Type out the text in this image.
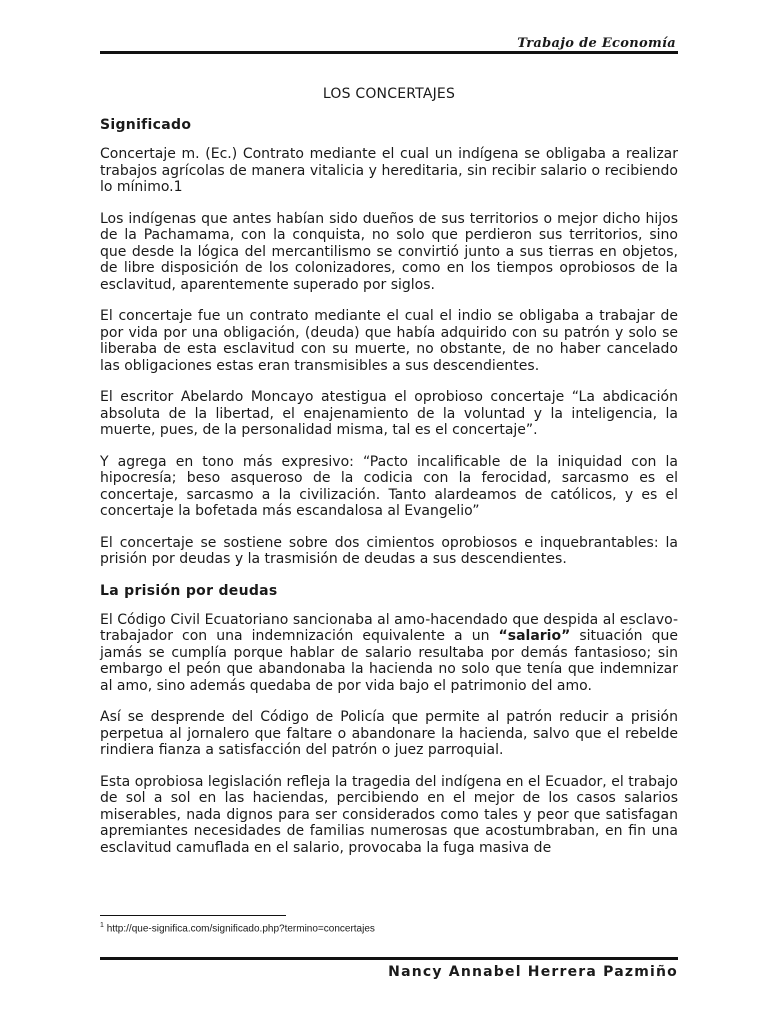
Trabajo de Economía
LOS CONCERTAJES
Significado

Concertaje m. (Ec.) Contrato mediante el cual un indígena se obligaba a realizar trabajos agrícolas de manera vitalicia y hereditaria, sin recibir salario o recibiendo lo mínimo.1

Los indígenas que antes habían sido dueños de sus territorios o mejor dicho hijos de la Pachamama, con la conquista, no solo que perdieron sus territorios, sino que desde la lógica del mercantilismo se convirtió junto a sus tierras en objetos, de libre disposición de los colonizadores, como en los tiempos oprobiosos de la esclavitud, aparentemente superado por siglos.

El concertaje fue un contrato mediante el cual el indio se obligaba a trabajar de por vida por una obligación, (deuda) que había adquirido con su patrón y solo se liberaba de esta esclavitud con su muerte, no obstante, de no haber cancelado las obligaciones estas eran transmisibles a sus descendientes.

El escritor Abelardo Moncayo atestigua el oprobioso concertaje “La abdicación absoluta de la libertad, el enajenamiento de la voluntad y la inteligencia, la muerte, pues, de la personalidad misma, tal es el concertaje”.

Y agrega en tono más expresivo: “Pacto incalificable de la iniquidad con la hipocresía; beso asqueroso de la codicia con la ferocidad, sarcasmo es el concertaje, sarcasmo a la civilización. Tanto alardeamos de católicos, y es el concertaje la bofetada más escandalosa al Evangelio”

El concertaje se sostiene sobre dos cimientos oprobiosos e inquebrantables: la prisión por deudas y la trasmisión de deudas a sus descendientes.

La prisión por deudas

El Código Civil Ecuatoriano sancionaba al amo-hacendado que despida al esclavo-trabajador con una indemnización equivalente a un “salario” situación que jamás se cumplía porque hablar de salario resultaba por demás fantasioso; sin embargo el peón que abandonaba la hacienda no solo que tenía que indemnizar al amo, sino además quedaba de por vida bajo el patrimonio del amo.

Así se desprende del Código de Policía que permite al patrón reducir a prisión perpetua al jornalero que faltare o abandonare la hacienda, salvo que el rebelde rindiera fianza a satisfacción del patrón o juez parroquial.

Esta oprobiosa legislación refleja la tragedia del indígena en el Ecuador, el trabajo de sol a sol en las haciendas, percibiendo en el mejor de los casos salarios miserables, nada dignos para ser considerados como tales y peor que satisfagan apremiantes necesidades de familias numerosas que acostumbraban, en fin una esclavitud camuflada en el salario, provocaba la fuga masiva de

$^1$ http://que-significa.com/significado.php?termino=concertajes
Nancy Annabel Herrera Pazmiño
